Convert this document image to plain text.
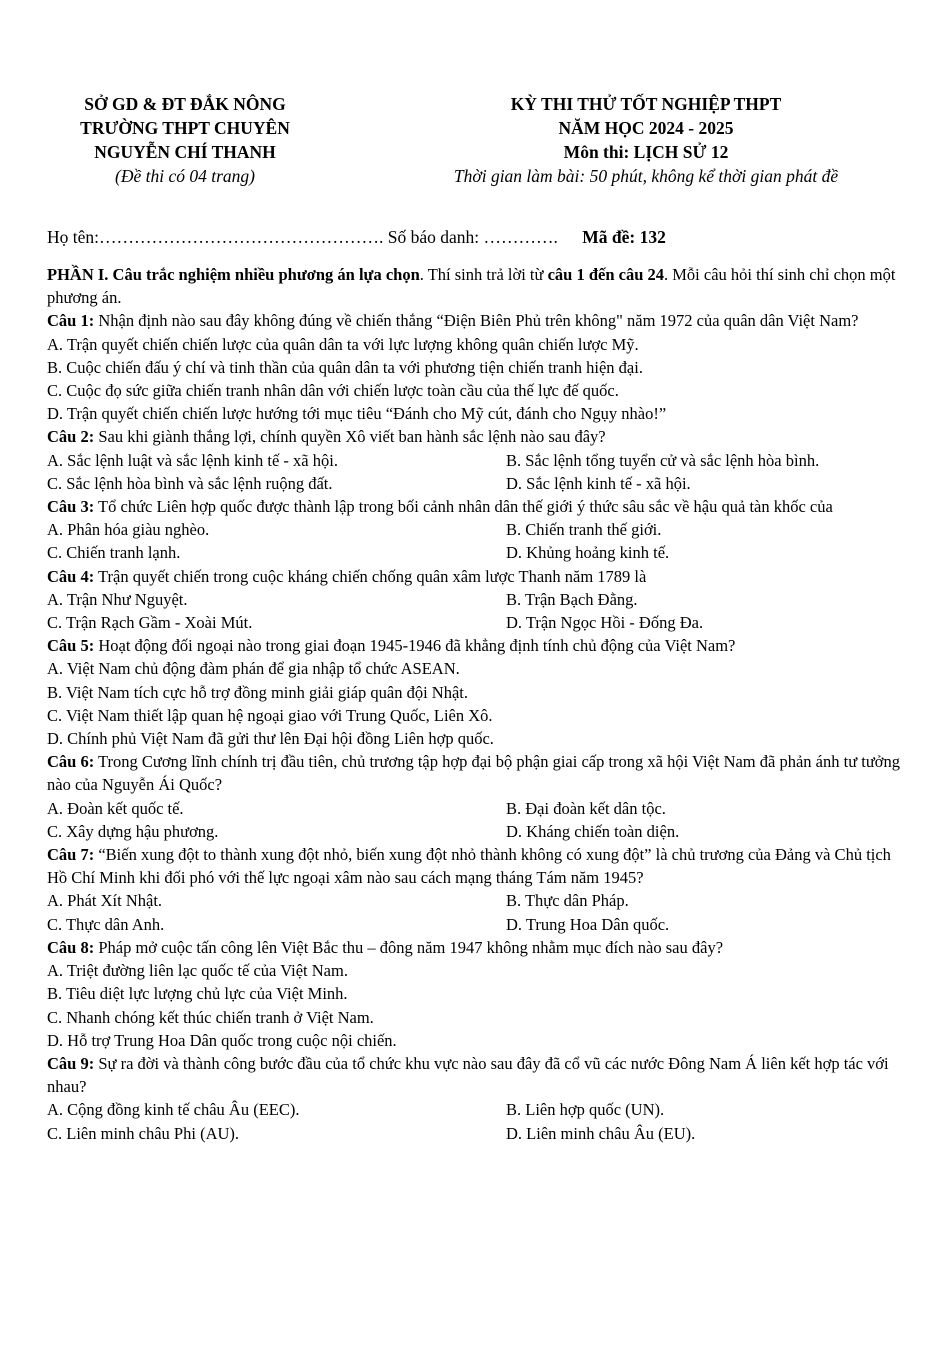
SỞ GD & ĐT ĐẮK NÔNG
TRƯỜNG THPT CHUYÊN
NGUYỄN CHÍ THANH
(Đề thi có 04 trang)
KỲ THI THỬ TỐT NGHIỆP THPT
NĂM HỌC 2024 - 2025
Môn thi: LỊCH SỬ 12
Thời gian làm bài: 50 phút, không kể thời gian phát đề
Họ tên:…………………………………………. Số báo danh: …………. Mã đề: 132

PHẦN I. Câu trắc nghiệm nhiều phương án lựa chọn. Thí sinh trả lời từ câu 1 đến câu 24. Mỗi câu hỏi thí sinh chỉ chọn một phương án.

Câu 1: Nhận định nào sau đây không đúng về chiến thắng “Điện Biên Phủ trên không" năm 1972 của quân dân Việt Nam?

A. Trận quyết chiến chiến lược của quân dân ta với lực lượng không quân chiến lược Mỹ.

B. Cuộc chiến đấu ý chí và tinh thần của quân dân ta với phương tiện chiến tranh hiện đại.

C. Cuộc đọ sức giữa chiến tranh nhân dân với chiến lược toàn cầu của thế lực đế quốc.

D. Trận quyết chiến chiến lược hướng tới mục tiêu “Đánh cho Mỹ cút, đánh cho Ngụy nhào!”

Câu 2: Sau khi giành thắng lợi, chính quyền Xô viết ban hành sắc lệnh nào sau đây?

A. Sắc lệnh luật và sắc lệnh kinh tế - xã hội.	B. Sắc lệnh tổng tuyển cử và sắc lệnh hòa bình.
C. Sắc lệnh hòa bình và sắc lệnh ruộng đất.	D. Sắc lệnh kinh tế - xã hội.

Câu 3: Tổ chức Liên hợp quốc được thành lập trong bối cảnh nhân dân thế giới ý thức sâu sắc về hậu quả tàn khốc của

A. Phân hóa giàu nghèo.	B. Chiến tranh thế giới.
C. Chiến tranh lạnh.	D. Khủng hoảng kinh tế.

Câu 4: Trận quyết chiến trong cuộc kháng chiến chống quân xâm lược Thanh năm 1789 là

A. Trận Như Nguyệt.	B. Trận Bạch Đằng.
C. Trận Rạch Gầm - Xoài Mút.	D. Trận Ngọc Hồi - Đống Đa.

Câu 5: Hoạt động đối ngoại nào trong giai đoạn 1945-1946 đã khẳng định tính chủ động của Việt Nam?

A. Việt Nam chủ động đàm phán để gia nhập tổ chức ASEAN.

B. Việt Nam tích cực hỗ trợ đồng minh giải giáp quân đội Nhật.

C. Việt Nam thiết lập quan hệ ngoại giao với Trung Quốc, Liên Xô.

D. Chính phủ Việt Nam đã gửi thư lên Đại hội đồng Liên hợp quốc.

Câu 6: Trong Cương lĩnh chính trị đầu tiên, chủ trương tập hợp đại bộ phận giai cấp trong xã hội Việt Nam đã phản ánh tư tưởng nào của Nguyễn Ái Quốc?

A. Đoàn kết quốc tế.	B. Đại đoàn kết dân tộc.
C. Xây dựng hậu phương.	D. Kháng chiến toàn diện.

Câu 7: “Biến xung đột to thành xung đột nhỏ, biến xung đột nhỏ thành không có xung đột” là chủ trương của Đảng và Chủ tịch Hồ Chí Minh khi đối phó với thế lực ngoại xâm nào sau cách mạng tháng Tám năm 1945?

A. Phát Xít Nhật.	B. Thực dân Pháp.
C. Thực dân Anh.	D. Trung Hoa Dân quốc.

Câu 8: Pháp mở cuộc tấn công lên Việt Bắc thu – đông năm 1947 không nhằm mục đích nào sau đây?

A. Triệt đường liên lạc quốc tế của Việt Nam.

B. Tiêu diệt lực lượng chủ lực của Việt Minh.

C. Nhanh chóng kết thúc chiến tranh ở Việt Nam.

D. Hỗ trợ Trung Hoa Dân quốc trong cuộc nội chiến.

Câu 9: Sự ra đời và thành công bước đầu của tổ chức khu vực nào sau đây đã cổ vũ các nước Đông Nam Á liên kết hợp tác với nhau?

A. Cộng đồng kinh tế châu Âu (EEC).	B. Liên hợp quốc (UN).
C. Liên minh châu Phi (AU).	D. Liên minh châu Âu (EU).
